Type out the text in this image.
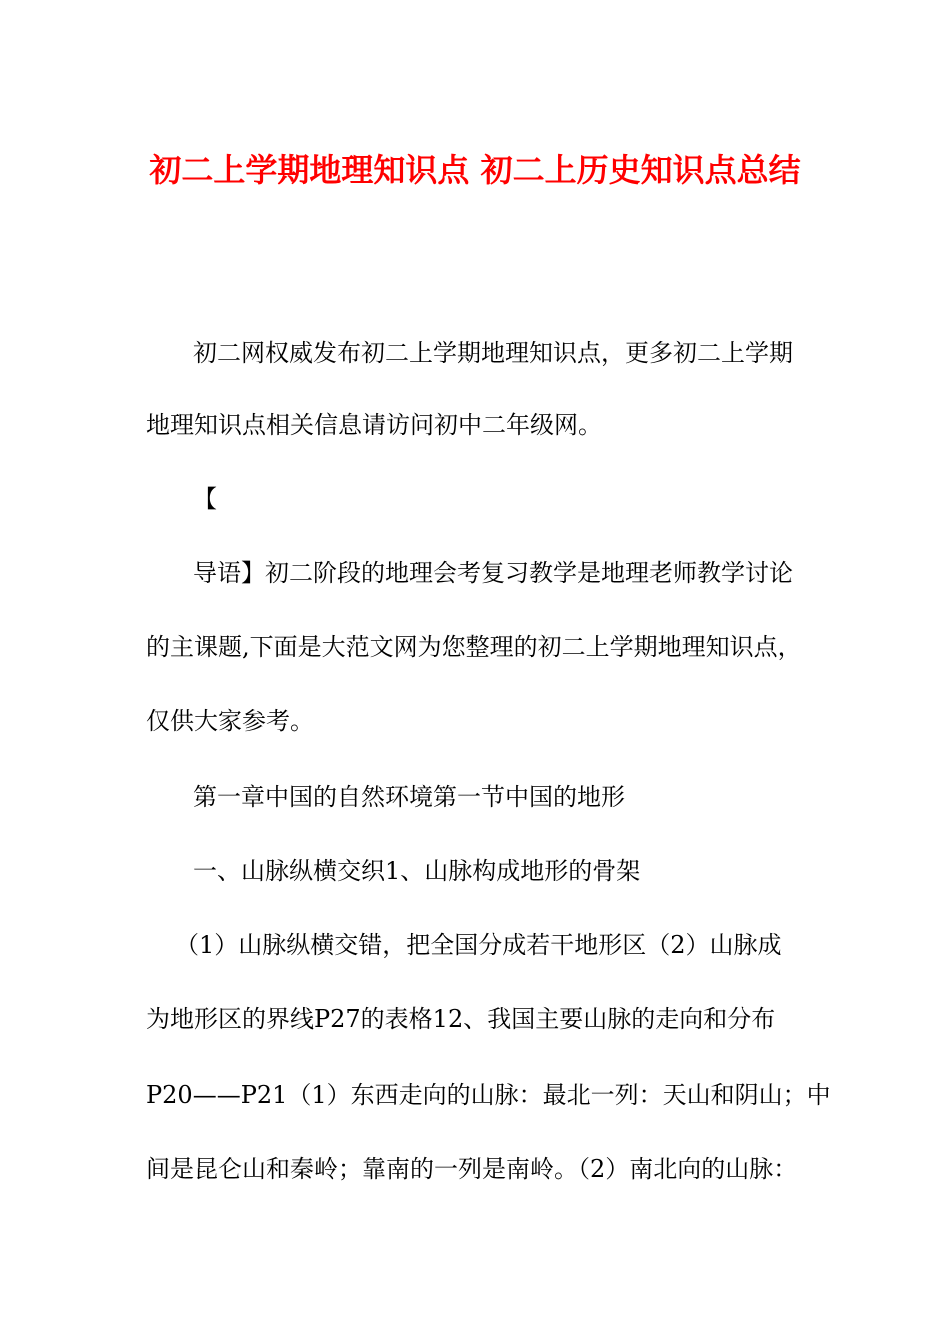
初二上学期地理知识点 初二上历史知识点总结

初二网权威发布初二上学期地理知识点，更多初二上学期

地理知识点相关信息请访问初中二年级网。

【

导语】初二阶段的地理会考复习教学是地理老师教学讨论

的主课题,下面是大范文网为您整理的初二上学期地理知识点，

仅供大家参考。

第一章中国的自然环境第一节中国的地形

一、山脉纵横交织1、山脉构成地形的骨架

（1）山脉纵横交错，把全国分成若干地形区（2）山脉成

为地形区的界线P27的表格12、我国主要山脉的走向和分布

P20——P21（1）东西走向的山脉：最北一列：天山和阴山；中

间是昆仑山和秦岭；靠南的一列是南岭。（2）南北向的山脉：
